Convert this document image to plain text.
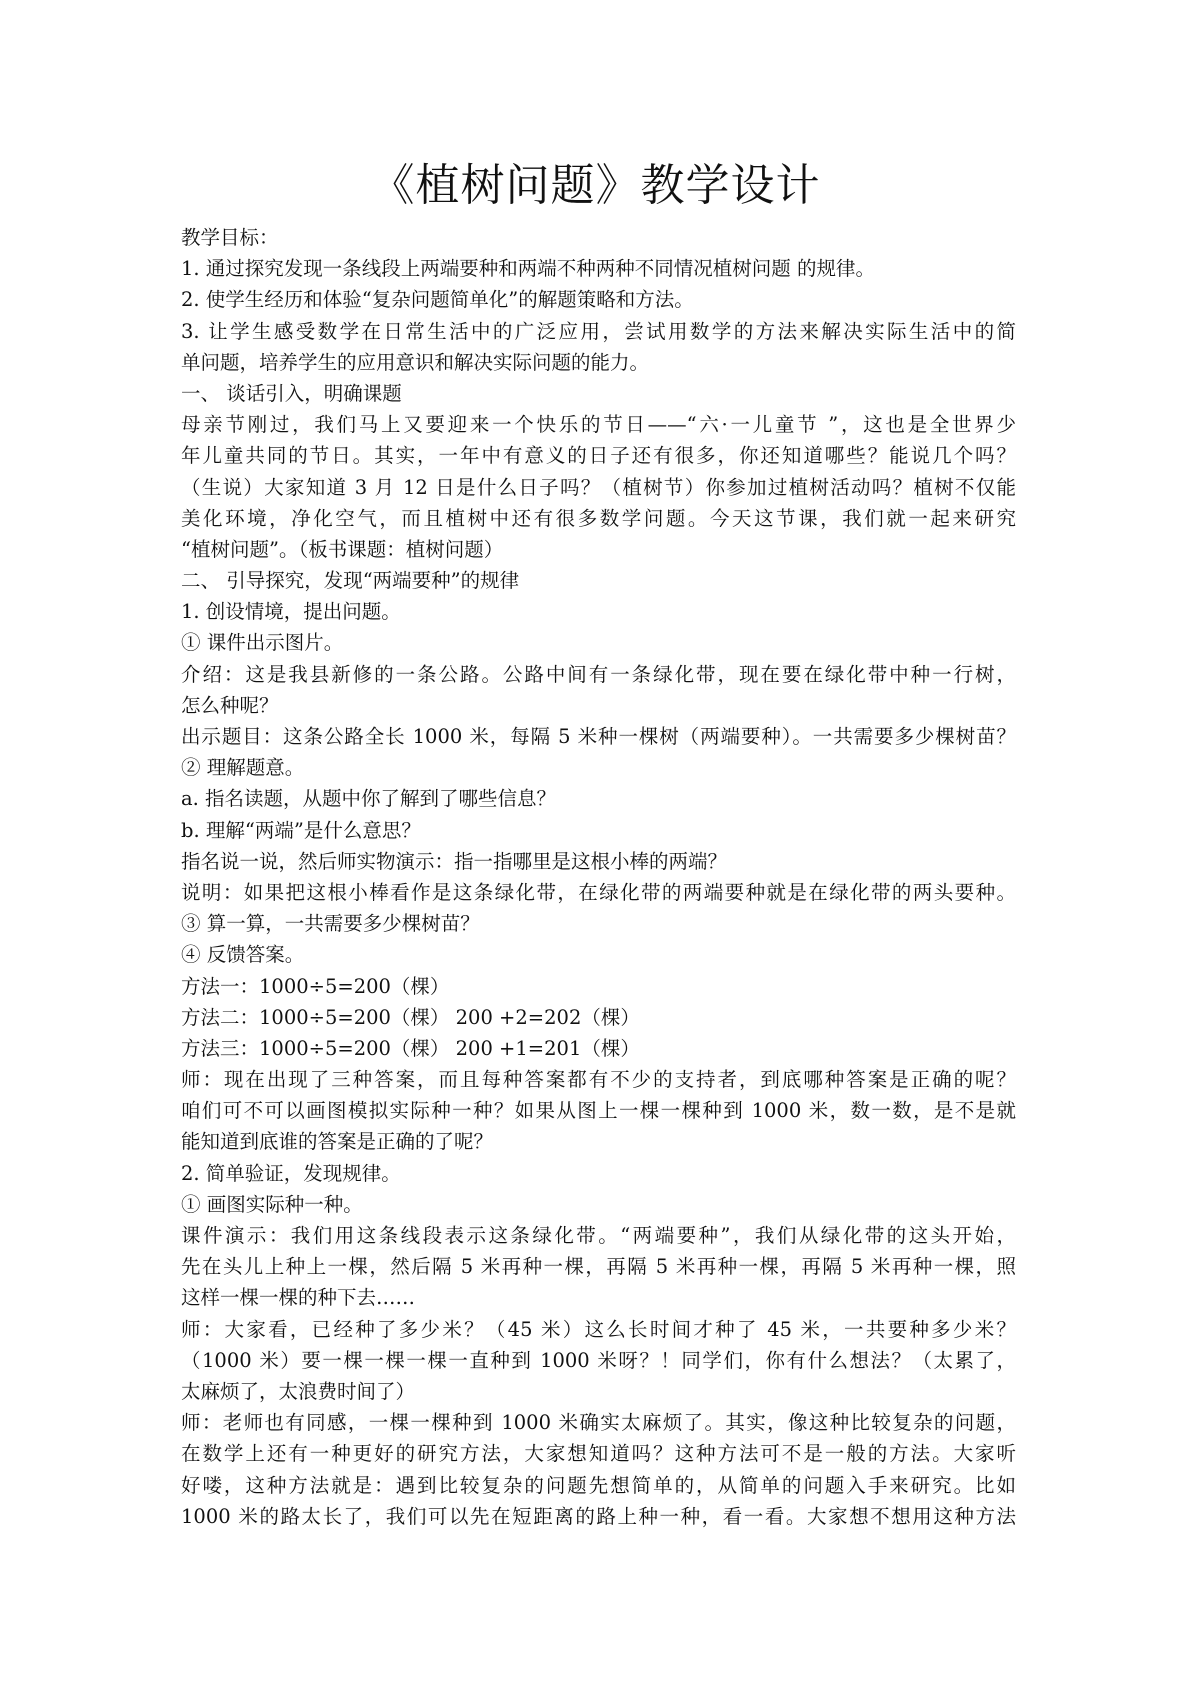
《植树问题》教学设计
教学目标：
1. 通过探究发现一条线段上两端要种和两端不种两种不同情况植树问题 的规律。
2. 使学生经历和体验“复杂问题简单化”的解题策略和方法。
3. 让学生感受数学在日常生活中的广泛应用，尝试用数学的方法来解决实际生活中的简
单问题，培养学生的应用意识和解决实际问题的能力。
一、 谈话引入，明确课题
母亲节刚过，我们马上又要迎来一个快乐的节日——“六·一儿童节 ”，这也是全世界少
年儿童共同的节日。其实，一年中有意义的日子还有很多，你还知道哪些？能说几个吗？
（生说）大家知道 3 月 12 日是什么日子吗？（植树节）你参加过植树活动吗？植树不仅能
美化环境，净化空气，而且植树中还有很多数学问题。今天这节课，我们就一起来研究
“植树问题”。（板书课题：植树问题）
二、 引导探究，发现“两端要种”的规律
1. 创设情境，提出问题。
① 课件出示图片。
介绍：这是我县新修的一条公路。公路中间有一条绿化带，现在要在绿化带中种一行树，
怎么种呢？
出示题目：这条公路全长 1000 米，每隔 5 米种一棵树（两端要种）。一共需要多少棵树苗？
② 理解题意。
a. 指名读题，从题中你了解到了哪些信息？
b. 理解“两端”是什么意思？
指名说一说，然后师实物演示：指一指哪里是这根小棒的两端？
说明：如果把这根小棒看作是这条绿化带，在绿化带的两端要种就是在绿化带的两头要种。
③ 算一算，一共需要多少棵树苗？
④ 反馈答案。
方法一：1000÷5=200（棵）
方法二：1000÷5=200（棵） 200 +2=202（棵）
方法三：1000÷5=200（棵） 200 +1=201（棵）
师：现在出现了三种答案，而且每种答案都有不少的支持者，到底哪种答案是正确的呢？
咱们可不可以画图模拟实际种一种？如果从图上一棵一棵种到 1000 米，数一数，是不是就
能知道到底谁的答案是正确的了呢？
2. 简单验证，发现规律。
① 画图实际种一种。
课件演示：我们用这条线段表示这条绿化带。“两端要种”，我们从绿化带的这头开始，
先在头儿上种上一棵，然后隔 5 米再种一棵，再隔 5 米再种一棵，再隔 5 米再种一棵，照
这样一棵一棵的种下去……
师：大家看，已经种了多少米？（45 米）这么长时间才种了 45 米，一共要种多少米？
（1000 米）要一棵一棵一棵一直种到 1000 米呀？！同学们，你有什么想法？（太累了，
太麻烦了，太浪费时间了）
师：老师也有同感，一棵一棵种到 1000 米确实太麻烦了。其实，像这种比较复杂的问题，
在数学上还有一种更好的研究方法，大家想知道吗？这种方法可不是一般的方法。大家听
好喽，这种方法就是：遇到比较复杂的问题先想简单的，从简单的问题入手来研究。比如
1000 米的路太长了，我们可以先在短距离的路上种一种，看一看。大家想不想用这种方法
